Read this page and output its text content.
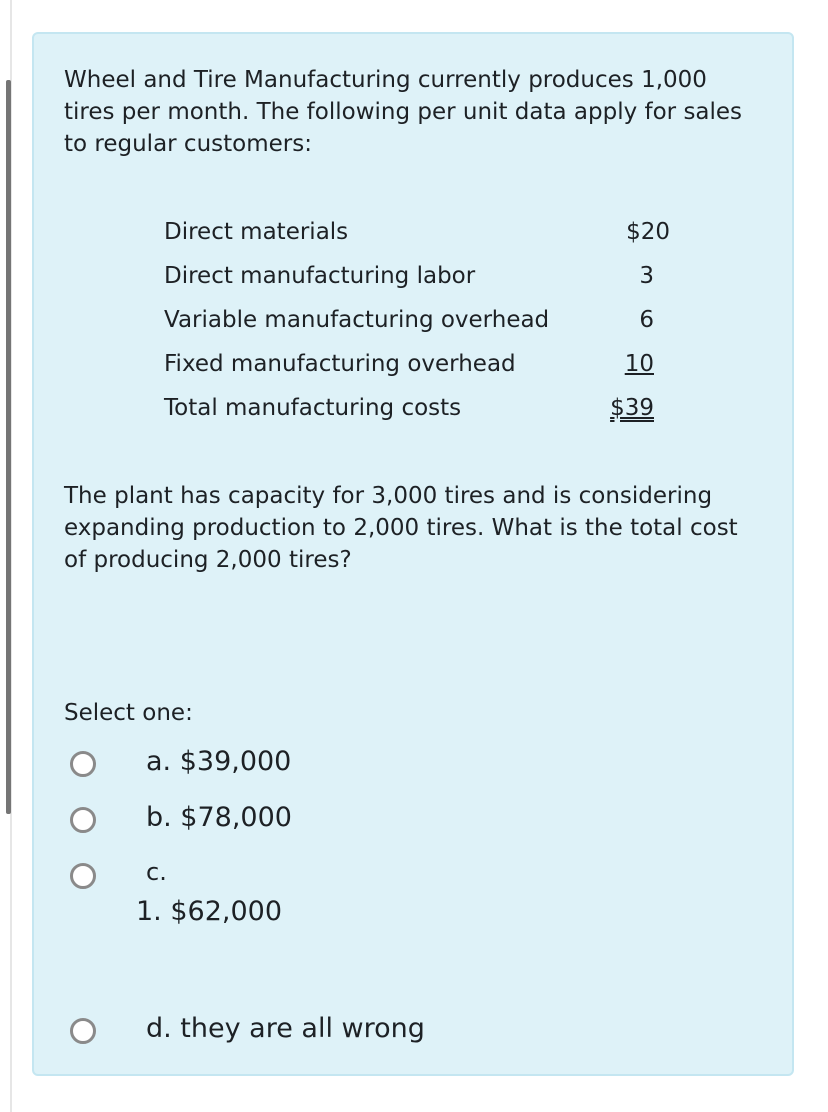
Wheel and Tire Manufacturing currently produces 1,000 tires per month. The following per unit data apply for sales to regular customers:

Direct materials	$20
Direct manufacturing labor	3
Variable manufacturing overhead	6
Fixed manufacturing overhead	10
Total manufacturing costs	$39

The plant has capacity for 3,000 tires and is considering expanding production to 2,000 tires. What is the total cost of producing 2,000 tires?

Select one:
a. $39,000
b. $78,000
c.
1. $62,000
d. they are all wrong
